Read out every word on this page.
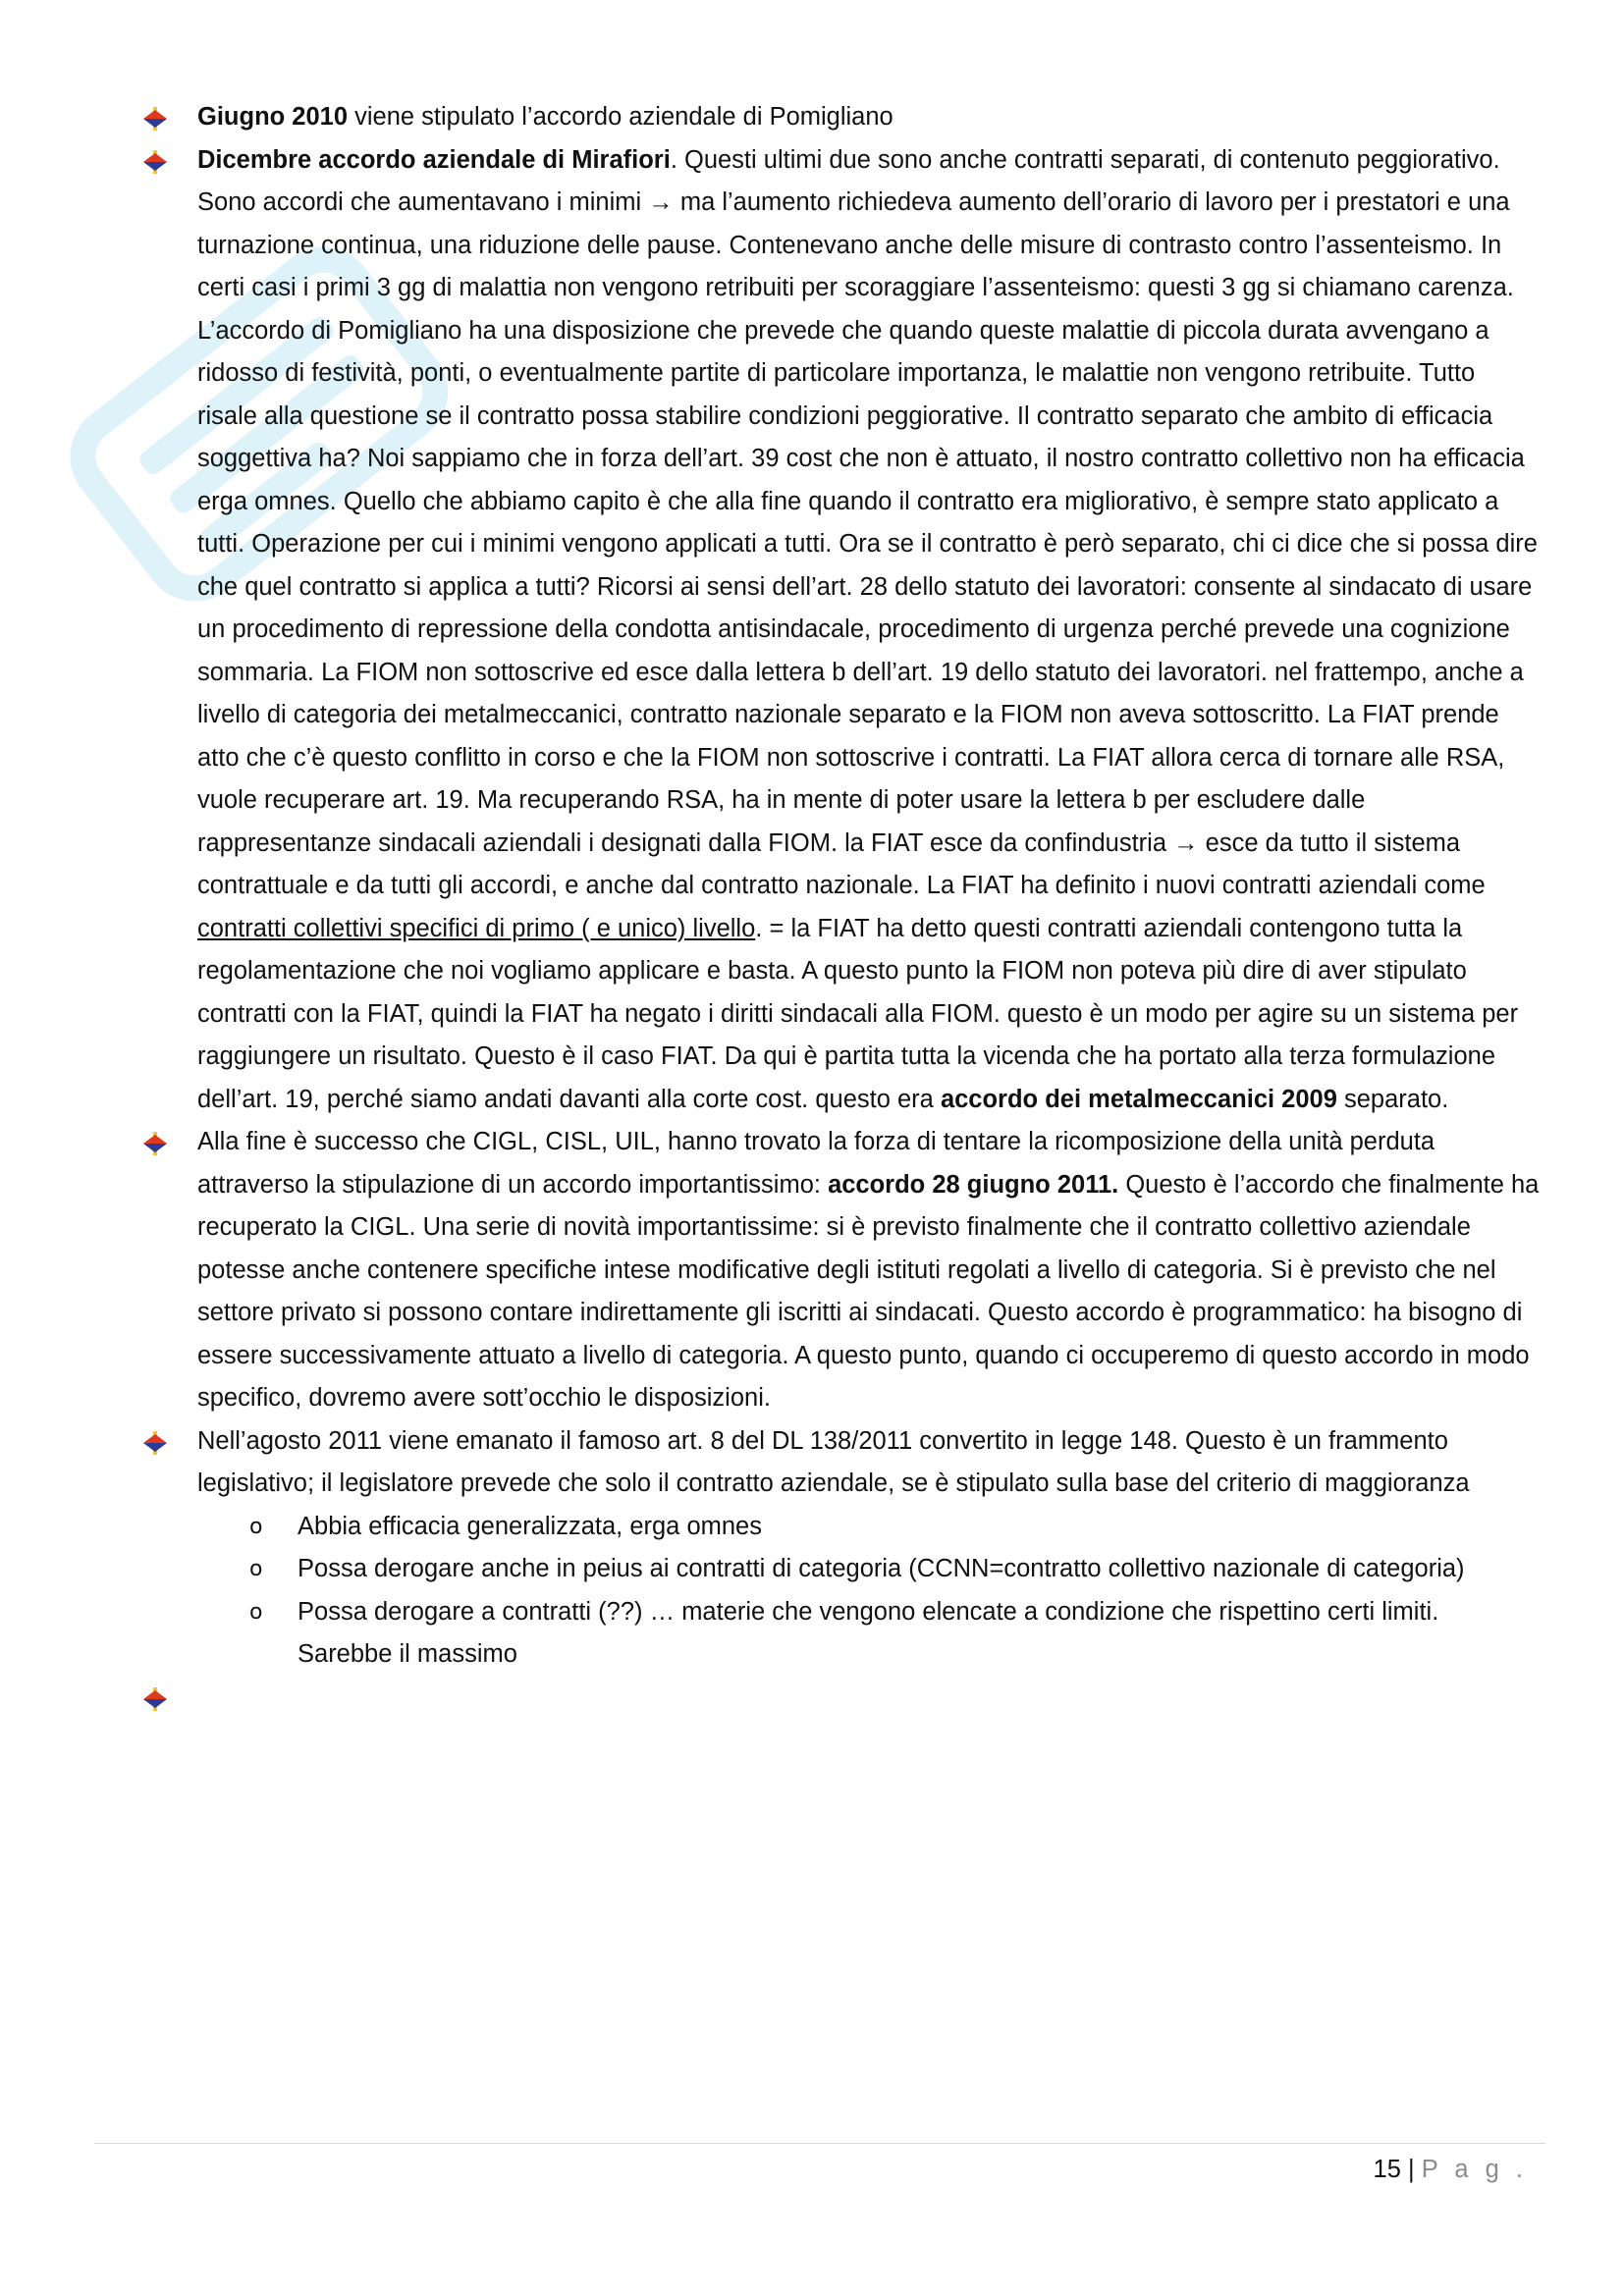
Giugno 2010 viene stipulato l’accordo aziendale di Pomigliano
Dicembre accordo aziendale di Mirafiori. Questi ultimi due sono anche contratti separati, di contenuto peggiorativo. Sono accordi che aumentavano i minimi → ma l’aumento richiedeva aumento dell’orario di lavoro per i prestatori e una turnazione continua, una riduzione delle pause. Contenevano anche delle misure di contrasto contro l’assenteismo. In certi casi i primi 3 gg di malattia non vengono retribuiti per scoraggiare l’assenteismo: questi 3 gg si chiamano carenza. L’accordo di Pomigliano ha una disposizione che prevede che quando queste malattie di piccola durata avvengano a ridosso di festività, ponti, o eventualmente partite di particolare importanza, le malattie non vengono retribuite. Tutto risale alla questione se il contratto possa stabilire condizioni peggiorative. Il contratto separato che ambito di efficacia soggettiva ha? Noi sappiamo che in forza dell’art. 39 cost che non è attuato, il nostro contratto collettivo non ha efficacia erga omnes. Quello che abbiamo capito è che alla fine quando il contratto era migliorativo, è sempre stato applicato a tutti. Operazione per cui i minimi vengono applicati a tutti. Ora se il contratto è però separato, chi ci dice che si possa dire che quel contratto si applica a tutti? Ricorsi ai sensi dell’art. 28 dello statuto dei lavoratori: consente al sindacato di usare un procedimento di repressione della condotta antisindacale, procedimento di urgenza perché prevede una cognizione sommaria. La FIOM non sottoscrive ed esce dalla lettera b dell’art. 19 dello statuto dei lavoratori. nel frattempo, anche a livello di categoria dei metalmeccanici, contratto nazionale separato e la FIOM non aveva sottoscritto. La FIAT prende atto che c’è questo conflitto in corso e che la FIOM non sottoscrive i contratti. La FIAT allora cerca di tornare alle RSA, vuole recuperare art. 19. Ma recuperando RSA, ha in mente di poter usare la lettera b per escludere dalle rappresentanze sindacali aziendali i designati dalla FIOM. la FIAT esce da confindustria → esce da tutto il sistema contrattuale e da tutti gli accordi, e anche dal contratto nazionale. La FIAT ha definito i nuovi contratti aziendali come contratti collettivi specifici di primo ( e unico) livello. = la FIAT ha detto questi contratti aziendali contengono tutta la regolamentazione che noi vogliamo applicare e basta. A questo punto la FIOM non poteva più dire di aver stipulato contratti con la FIAT, quindi la FIAT ha negato i diritti sindacali alla FIOM. questo è un modo per agire su un sistema per raggiungere un risultato. Questo è il caso FIAT. Da qui è partita tutta la vicenda che ha portato alla terza formulazione dell’art. 19, perché siamo andati davanti alla corte cost. questo era accordo dei metalmeccanici 2009 separato.
Alla fine è successo che CIGL, CISL, UIL, hanno trovato la forza di tentare la ricomposizione della unità perduta attraverso la stipulazione di un accordo importantissimo: accordo 28 giugno 2011. Questo è l’accordo che finalmente ha recuperato la CIGL. Una serie di novità importantissime: si è previsto finalmente che il contratto collettivo aziendale potesse anche contenere specifiche intese modificative degli istituti regolati a livello di categoria. Si è previsto che nel settore privato si possono contare indirettamente gli iscritti ai sindacati. Questo accordo è programmatico: ha bisogno di essere successivamente attuato a livello di categoria. A questo punto, quando ci occuperemo di questo accordo in modo specifico, dovremo avere sott’occhio le disposizioni.
Nell’agosto 2011 viene emanato il famoso art. 8 del DL 138/2011 convertito in legge 148. Questo è un frammento legislativo; il legislatore prevede che solo il contratto aziendale, se è stipulato sulla base del criterio di maggioranza
o Abbia efficacia generalizzata, erga omnes
o Possa derogare anche in peius ai contratti di categoria (CCNN=contratto collettivo nazionale di categoria)
o Possa derogare a contratti (??) … materie che vengono elencate a condizione che rispettino certi limiti. Sarebbe il massimo
15 | P a g .
